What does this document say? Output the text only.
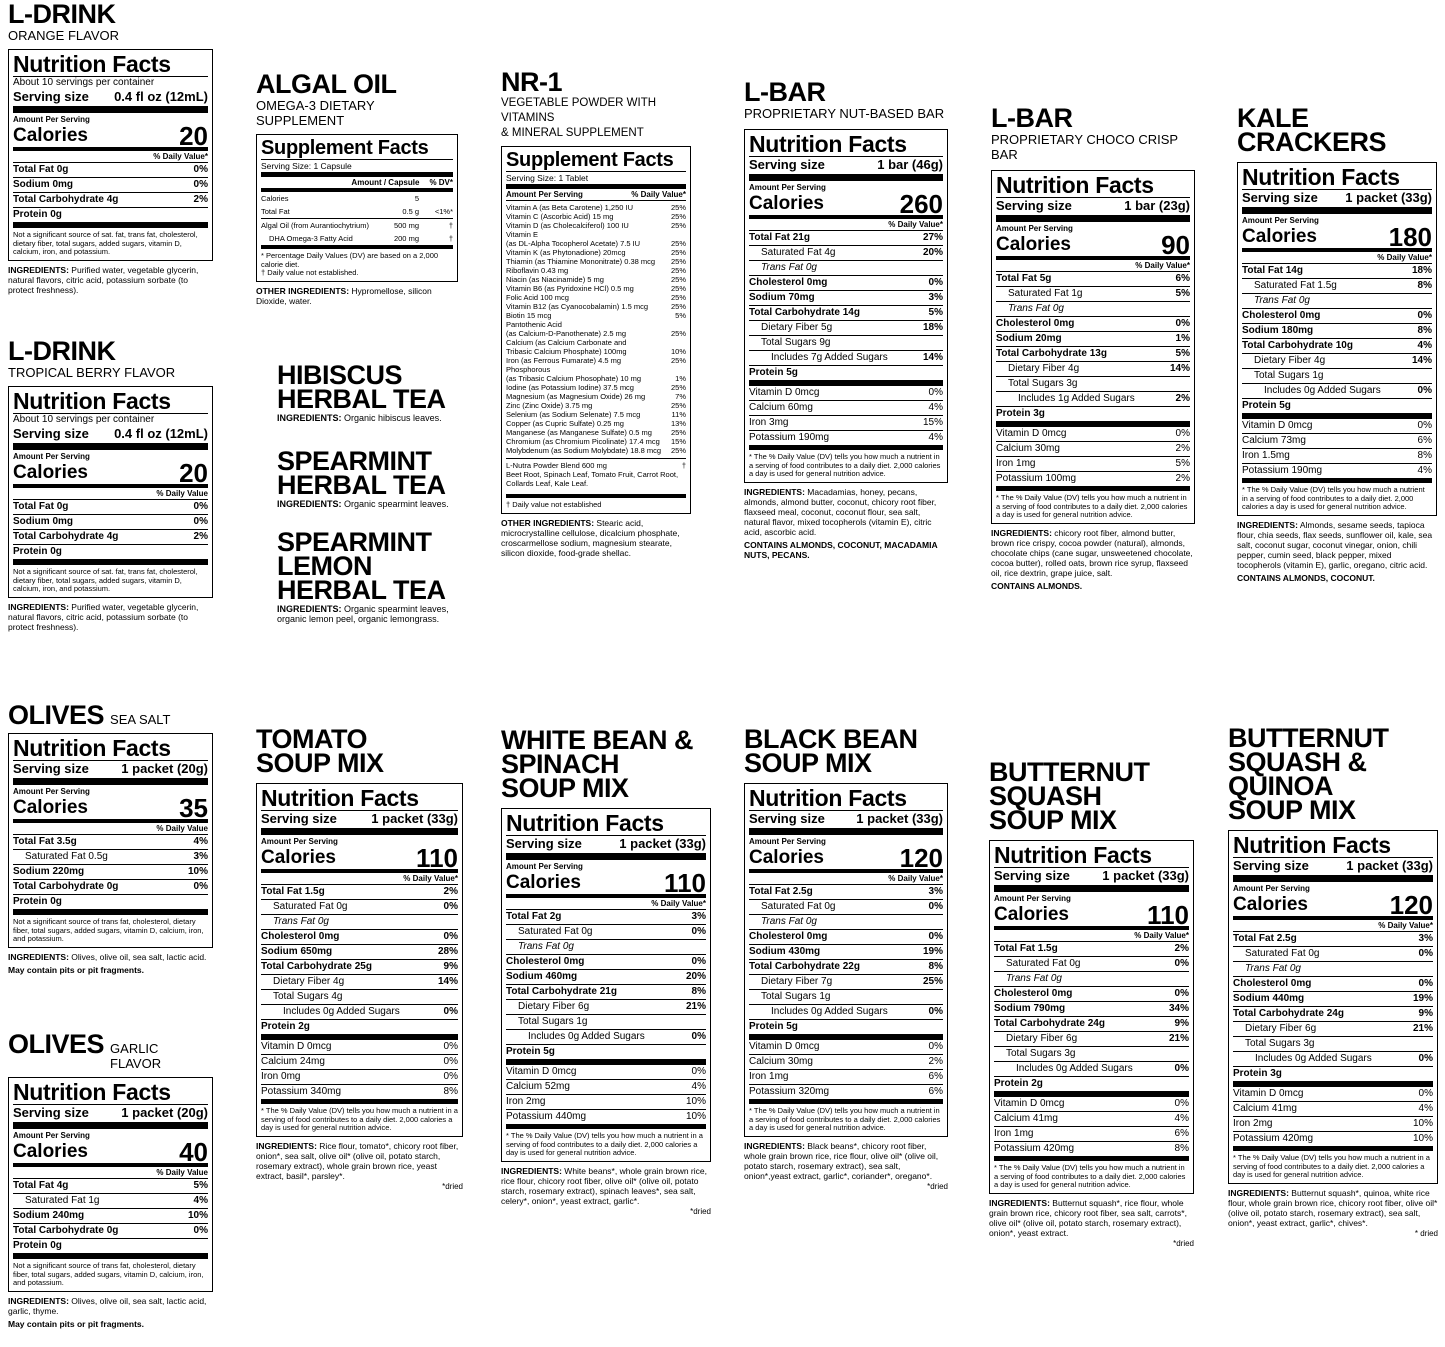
L-DRINK
ORANGE FLAVOR
Nutrition Facts
About 10 servings per container
Serving size 0.4 fl oz (12mL)
Amount Per Serving
Calories	20
% Daily Value*
Total Fat 0g	0%
Sodium 0mg	0%
Total Carbohydrate 4g	2%
Protein 0g
Not a significant source of sat. fat, trans fat, cholesterol, dietary fiber, total sugars, added sugars, vitamin D, calcium, iron, and potassium.
INGREDIENTS: Purified water, vegetable glycerin, natural flavors, citric acid, potassium sorbate (to protect freshness).
L-DRINK
TROPICAL BERRY FLAVOR
Nutrition Facts
About 10 servings per container
Serving size 0.4 fl oz (12mL)
Amount Per Serving
Calories	20
% Daily Value
Total Fat 0g	0%
Sodium 0mg	0%
Total Carbohydrate 4g	2%
Protein 0g
Not a significant source of sat. fat, trans fat, cholesterol, dietary fiber, total sugars, added sugars, vitamin D, calcium, iron, and potassium.
INGREDIENTS: Purified water, vegetable glycerin, natural flavors, citric acid, potassium sorbate (to protect freshness).
ALGAL OIL
OMEGA-3 DIETARY SUPPLEMENT
Supplement Facts
Serving Size: 1 Capsule
Amount / Capsule % DV*
Calories	5
Total Fat	0.5 g	<1%*
Algal Oil (from Aurantiochytrium)	500 mg	†
DHA Omega-3 Fatty Acid	200 mg	†
* Percentage Daily Values (DV) are based on a 2,000 calorie diet.
† Daily value not established.
OTHER INGREDIENTS: Hypromellose, silicon Dioxide, water.
NR-1
VEGETABLE POWDER WITH VITAMINS
& MINERAL SUPPLEMENT
Supplement Facts
Serving Size: 1 Tablet
Amount Per Serving	% Daily Value*
Vitamin A (as Beta Carotene) 1,250 IU	25%
Vitamin C (Ascorbic Acid) 15 mg	25%
Vitamin D (as Cholecalciferol) 100 IU	25%
Vitamin E
(as DL-Alpha Tocopherol Acetate) 7.5 IU	25%
Vitamin K (as Phytonadione) 20mcg	25%
Thiamin (as Thiamine Mononitrate) 0.38 mcg	25%
Riboflavin 0.43 mg	25%
Niacin (as Niacinamide) 5 mg	25%
Vitamin B6 (as Pyridoxine HCl) 0.5 mg	25%
Folic Acid 100 mcg	25%
Vitamin B12 (as Cyanocobalamin) 1.5 mcg	25%
Biotin 15 mcg	5%
Pantothenic Acid
(as Calcium-D-Panothenate) 2.5 mg	25%
Calcium (as Calcium Carbonate and
Tribasic Calcium Phosphate) 100mg	10%
Iron (as Ferrous Fumarate) 4.5 mg	25%
Phosphorous
(as Tribasic Calcium Phosophate) 10 mg	1%
Iodine (as Potassium Iodine) 37.5 mcg	25%
Magnesium (as Magnesium Oxide) 26 mg	7%
Zinc (Zinc Oxide) 3.75 mg	25%
Selenium (as Sodium Selenate) 7.5 mcg	11%
Copper (as Cupric Sulfate) 0.25 mg	13%
Manganese (as Manganese Sulfate) 0.5 mg	25%
Chromium (as Chromium Picolinate) 17.4 mcg	15%
Molybdenum (as Sodium Molybdate) 18.8 mcg	25%
L-Nutra Powder Blend 600 mg	†
Beet Root, Spinach Leaf, Tomato Fruit, Carrot Root,
Collards Leaf, Kale Leaf.
† Daily value not established
OTHER INGREDIENTS: Stearic acid, microcrystalline cellulose, dicalcium phosphate, croscarmellose sodium, magnesium stearate, silicon dioxide, food-grade shellac.
HIBISCUS
HERBAL TEA
INGREDIENTS: Organic hibiscus leaves.
SPEARMINT
HERBAL TEA
INGREDIENTS: Organic spearmint leaves.
SPEARMINT
LEMON
HERBAL TEA
INGREDIENTS: Organic spearmint leaves, organic lemon peel, organic lemongrass.
L-BAR
PROPRIETARY NUT-BASED BAR
Nutrition Facts
Serving size	1 bar (46g)
Amount Per Serving
Calories	260
% Daily Value*
Total Fat 21g	27%
Saturated Fat 4g	20%
Trans Fat 0g
Cholesterol 0mg	0%
Sodium 70mg	3%
Total Carbohydrate 14g	5%
Dietary Fiber 5g	18%
Total Sugars 9g
Includes 7g Added Sugars	14%
Protein 5g
Vitamin D 0mcg	0%
Calcium 60mg	4%
Iron 3mg	15%
Potassium 190mg	4%
* The % Daily Value (DV) tells you how much a nutrient in a serving of food contributes to a daily diet. 2,000 calories a day is used for general nutrition advice.
INGREDIENTS: Macadamias, honey, pecans, almonds, almond butter, coconut, chicory root fiber, flaxseed meal, coconut, coconut flour, sea salt, natural flavor, mixed tocopherols (vitamin E), citric acid, ascorbic acid.
CONTAINS ALMONDS, COCONUT, MACADAMIA NUTS, PECANS.
L-BAR
PROPRIETARY CHOCO CRISP BAR
Nutrition Facts
Serving size	1 bar (23g)
Amount Per Serving
Calories	90
% Daily Value*
Total Fat 5g	6%
Saturated Fat 1g	5%
Trans Fat 0g
Cholesterol 0mg	0%
Sodium 20mg	1%
Total Carbohydrate 13g	5%
Dietary Fiber 4g	14%
Total Sugars 3g
Includes 1g Added Sugars	2%
Protein 3g
Vitamin D 0mcg	0%
Calcium 30mg	2%
Iron 1mg	5%
Potassium 100mg	2%
* The % Daily Value (DV) tells you how much a nutrient in a serving of food contributes to a daily diet. 2,000 calories a day is used for general nutrition advice.
INGREDIENTS: chicory root fiber, almond butter, brown rice crispy, cocoa powder (natural), almonds, chocolate chips (cane sugar, unsweetened chocolate, cocoa butter), rolled oats, brown rice syrup, flaxseed oil, rice dextrin, grape juice, salt.
CONTAINS ALMONDS.
KALE
CRACKERS
Nutrition Facts
Serving size 1 packet (33g)
Amount Per Serving
Calories	180
% Daily Value*
Total Fat 14g	18%
Saturated Fat 1.5g	8%
Trans Fat 0g
Cholesterol 0mg	0%
Sodium 180mg	8%
Total Carbohydrate 10g	4%
Dietary Fiber 4g	14%
Total Sugars 1g
Includes 0g Added Sugars	0%
Protein 5g
Vitamin D 0mcg	0%
Calcium 73mg	6%
Iron 1.5mg	8%
Potassium 190mg	4%
* The % Daily Value (DV) tells you how much a nutrient in a serving of food contributes to a daily diet. 2,000 calories a day is used for general nutrition advice.
INGREDIENTS: Almonds, sesame seeds, tapioca flour, chia seeds, flax seeds, sunflower oil, kale, sea salt, coconut sugar, coconut vinegar, onion, chili pepper, cumin seed, black pepper, mixed tocopherols (vitamin E), garlic, oregano, citric acid.
CONTAINS ALMONDS, COCONUT.
OLIVES SEA SALT
Nutrition Facts
Serving size 1 packet (20g)
Amount Per Serving
Calories	35
% Daily Value
Total Fat 3.5g	4%
Saturated Fat 0.5g	3%
Sodium 220mg	10%
Total Carbohydrate 0g	0%
Protein 0g
Not a significant source of trans fat, cholesterol, dietary fiber, total sugars, added sugars, vitamin D, calcium, iron, and potassium.
INGREDIENTS: Olives, olive oil, sea salt, lactic acid.
May contain pits or pit fragments.
OLIVES GARLIC FLAVOR
Nutrition Facts
Serving size 1 packet (20g)
Amount Per Serving
Calories	40
% Daily Value
Total Fat 4g	5%
Saturated Fat 1g	4%
Sodium 240mg	10%
Total Carbohydrate 0g	0%
Protein 0g
Not a significant source of trans fat, cholesterol, dietary fiber, total sugars, added sugars, vitamin D, calcium, iron, and potassium.
INGREDIENTS: Olives, olive oil, sea salt, lactic acid, garlic, thyme.
May contain pits or pit fragments.
TOMATO
SOUP MIX
Nutrition Facts
Serving size	1 packet (33g)
Amount Per Serving
Calories	110
% Daily Value*
Total Fat 1.5g	2%
Saturated Fat 0g	0%
Trans Fat 0g
Cholesterol 0mg	0%
Sodium 650mg	28%
Total Carbohydrate 25g	9%
Dietary Fiber 4g	14%
Total Sugars 4g
Includes 0g Added Sugars	0%
Protein 2g
Vitamin D 0mcg	0%
Calcium 24mg	0%
Iron 0mg	0%
Potassium 340mg	8%
* The % Daily Value (DV) tells you how much a nutrient in a serving of food contributes to a daily diet. 2,000 calories a day is used for general nutrition advice.
INGREDIENTS: Rice flour, tomato*, chicory root fiber, onion*, sea salt, olive oil* (olive oil, potato starch, rosemary extract), whole grain brown rice, yeast extract, basil*, parsley*.
*dried
WHITE BEAN &
SPINACH
SOUP MIX
Nutrition Facts
Serving size	1 packet (33g)
Amount Per Serving
Calories	110
% Daily Value*
Total Fat 2g	3%
Saturated Fat 0g	0%
Trans Fat 0g
Cholesterol 0mg	0%
Sodium 460mg	20%
Total Carbohydrate 21g	8%
Dietary Fiber 6g	21%
Total Sugars 1g
Includes 0g Added Sugars	0%
Protein 5g
Vitamin D 0mcg	0%
Calcium 52mg	4%
Iron 2mg	10%
Potassium 440mg	10%
* The % Daily Value (DV) tells you how much a nutrient in a serving of food contributes to a daily diet. 2,000 calories a day is used for general nutrition advice.
INGREDIENTS: White beans*, whole grain brown rice, rice flour, chicory root fiber, olive oil* (olive oil, potato starch, rosemary extract), spinach leaves*, sea salt, celery*, onion*, yeast extract, garlic*.
*dried
BLACK BEAN
SOUP MIX
Nutrition Facts
Serving size 1 packet (33g)
Amount Per Serving
Calories	120
% Daily Value*
Total Fat 2.5g	3%
Saturated Fat 0g	0%
Trans Fat 0g
Cholesterol 0mg	0%
Sodium 430mg	19%
Total Carbohydrate 22g	8%
Dietary Fiber 7g	25%
Total Sugars 1g
Includes 0g Added Sugars	0%
Protein 5g
Vitamin D 0mcg	0%
Calcium 30mg	2%
Iron 1mg	6%
Potassium 320mg	6%
* The % Daily Value (DV) tells you how much a nutrient in a serving of food contributes to a daily diet. 2,000 calories a day is used for general nutrition advice.
INGREDIENTS: Black beans*, chicory root fiber, whole grain brown rice, rice flour, olive oil* (olive oil, potato starch, rosemary extract), sea salt, onion*,yeast extract, garlic*, coriander*, oregano*.
*dried
BUTTERNUT
SQUASH
SOUP MIX
Nutrition Facts
Serving size 1 packet (33g)
Amount Per Serving
Calories	110
% Daily Value*
Total Fat 1.5g	2%
Saturated Fat 0g	0%
Trans Fat 0g
Cholesterol 0mg	0%
Sodium 790mg	34%
Total Carbohydrate 24g	9%
Dietary Fiber 6g	21%
Total Sugars 3g
Includes 0g Added Sugars	0%
Protein 2g
Vitamin D 0mcg	0%
Calcium 41mg	4%
Iron 1mg	6%
Potassium 420mg	8%
* The % Daily Value (DV) tells you how much a nutrient in a serving of food contributes to a daily diet. 2,000 calories a day is used for general nutrition advice.
INGREDIENTS: Butternut squash*, rice flour, whole grain brown rice, chicory root fiber, sea salt, carrots*, olive oil* (olive oil, potato starch, rosemary extract), onion*, yeast extract.
*dried
BUTTERNUT
SQUASH &
QUINOA
SOUP MIX
Nutrition Facts
Serving size	1 packet (33g)
Amount Per Serving
Calories	120
% Daily Value*
Total Fat 2.5g	3%
Saturated Fat 0g	0%
Trans Fat 0g
Cholesterol 0mg	0%
Sodium 440mg	19%
Total Carbohydrate 24g	9%
Dietary Fiber 6g	21%
Total Sugars 3g
Includes 0g Added Sugars	0%
Protein 3g
Vitamin D 0mcg	0%
Calcium 41mg	4%
Iron 2mg	10%
Potassium 420mg	10%
* The % Daily Value (DV) tells you how much a nutrient in a serving of food contributes to a daily diet. 2,000 calories a day is used for general nutrition advice.
INGREDIENTS: Butternut squash*, quinoa, white rice flour, whole grain brown rice, chicory root fiber, olive oil* (olive oil, potato starch, rosemary extract), sea salt, onion*, yeast extract, garlic*, chives*.
* dried
